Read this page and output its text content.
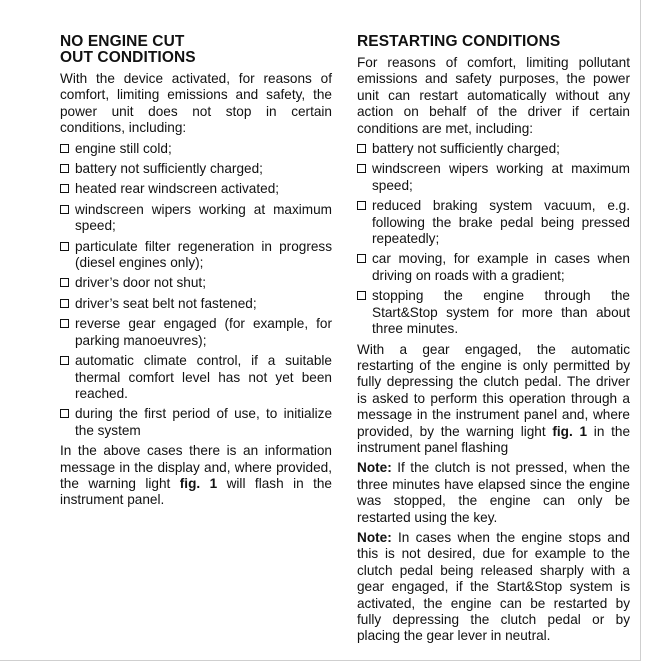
NO ENGINE CUT
OUT CONDITIONS

With the device activated, for reasons of comfort, limiting emissions and safety, the power unit does not stop in certain conditions, including:

engine still cold;
battery not sufficiently charged;
heated rear windscreen activated;
windscreen wipers working at maximum speed;
particulate filter regeneration in progress (diesel engines only);
driver’s door not shut;
driver’s seat belt not fastened;
reverse gear engaged (for example, for parking manoeuvres);
automatic climate control, if a suitable thermal comfort level has not yet been reached.
during the first period of use, to initialize the system

In the above cases there is an information message in the display and, where provided, the warning light fig. 1 will flash in the instrument panel.

RESTARTING CONDITIONS

For reasons of comfort, limiting pollutant emissions and safety purposes, the power unit can restart automatically without any action on behalf of the driver if certain conditions are met, including:

battery not sufficiently charged;
windscreen wipers working at maximum speed;
reduced braking system vacuum, e.g. following the brake pedal being pressed repeatedly;
car moving, for example in cases when driving on roads with a gradient;
stopping the engine through the Start&Stop system for more than about three minutes.

With a gear engaged, the automatic restarting of the engine is only permitted by fully depressing the clutch pedal. The driver is asked to perform this operation through a message in the instrument panel and, where provided, by the warning light fig. 1 in the instrument panel flashing

Note: If the clutch is not pressed, when the three minutes have elapsed since the engine was stopped, the engine can only be restarted using the key.

Note: In cases when the engine stops and this is not desired, due for example to the clutch pedal being released sharply with a gear engaged, if the Start&Stop system is activated, the engine can be restarted by fully depressing the clutch pedal or by placing the gear lever in neutral.
